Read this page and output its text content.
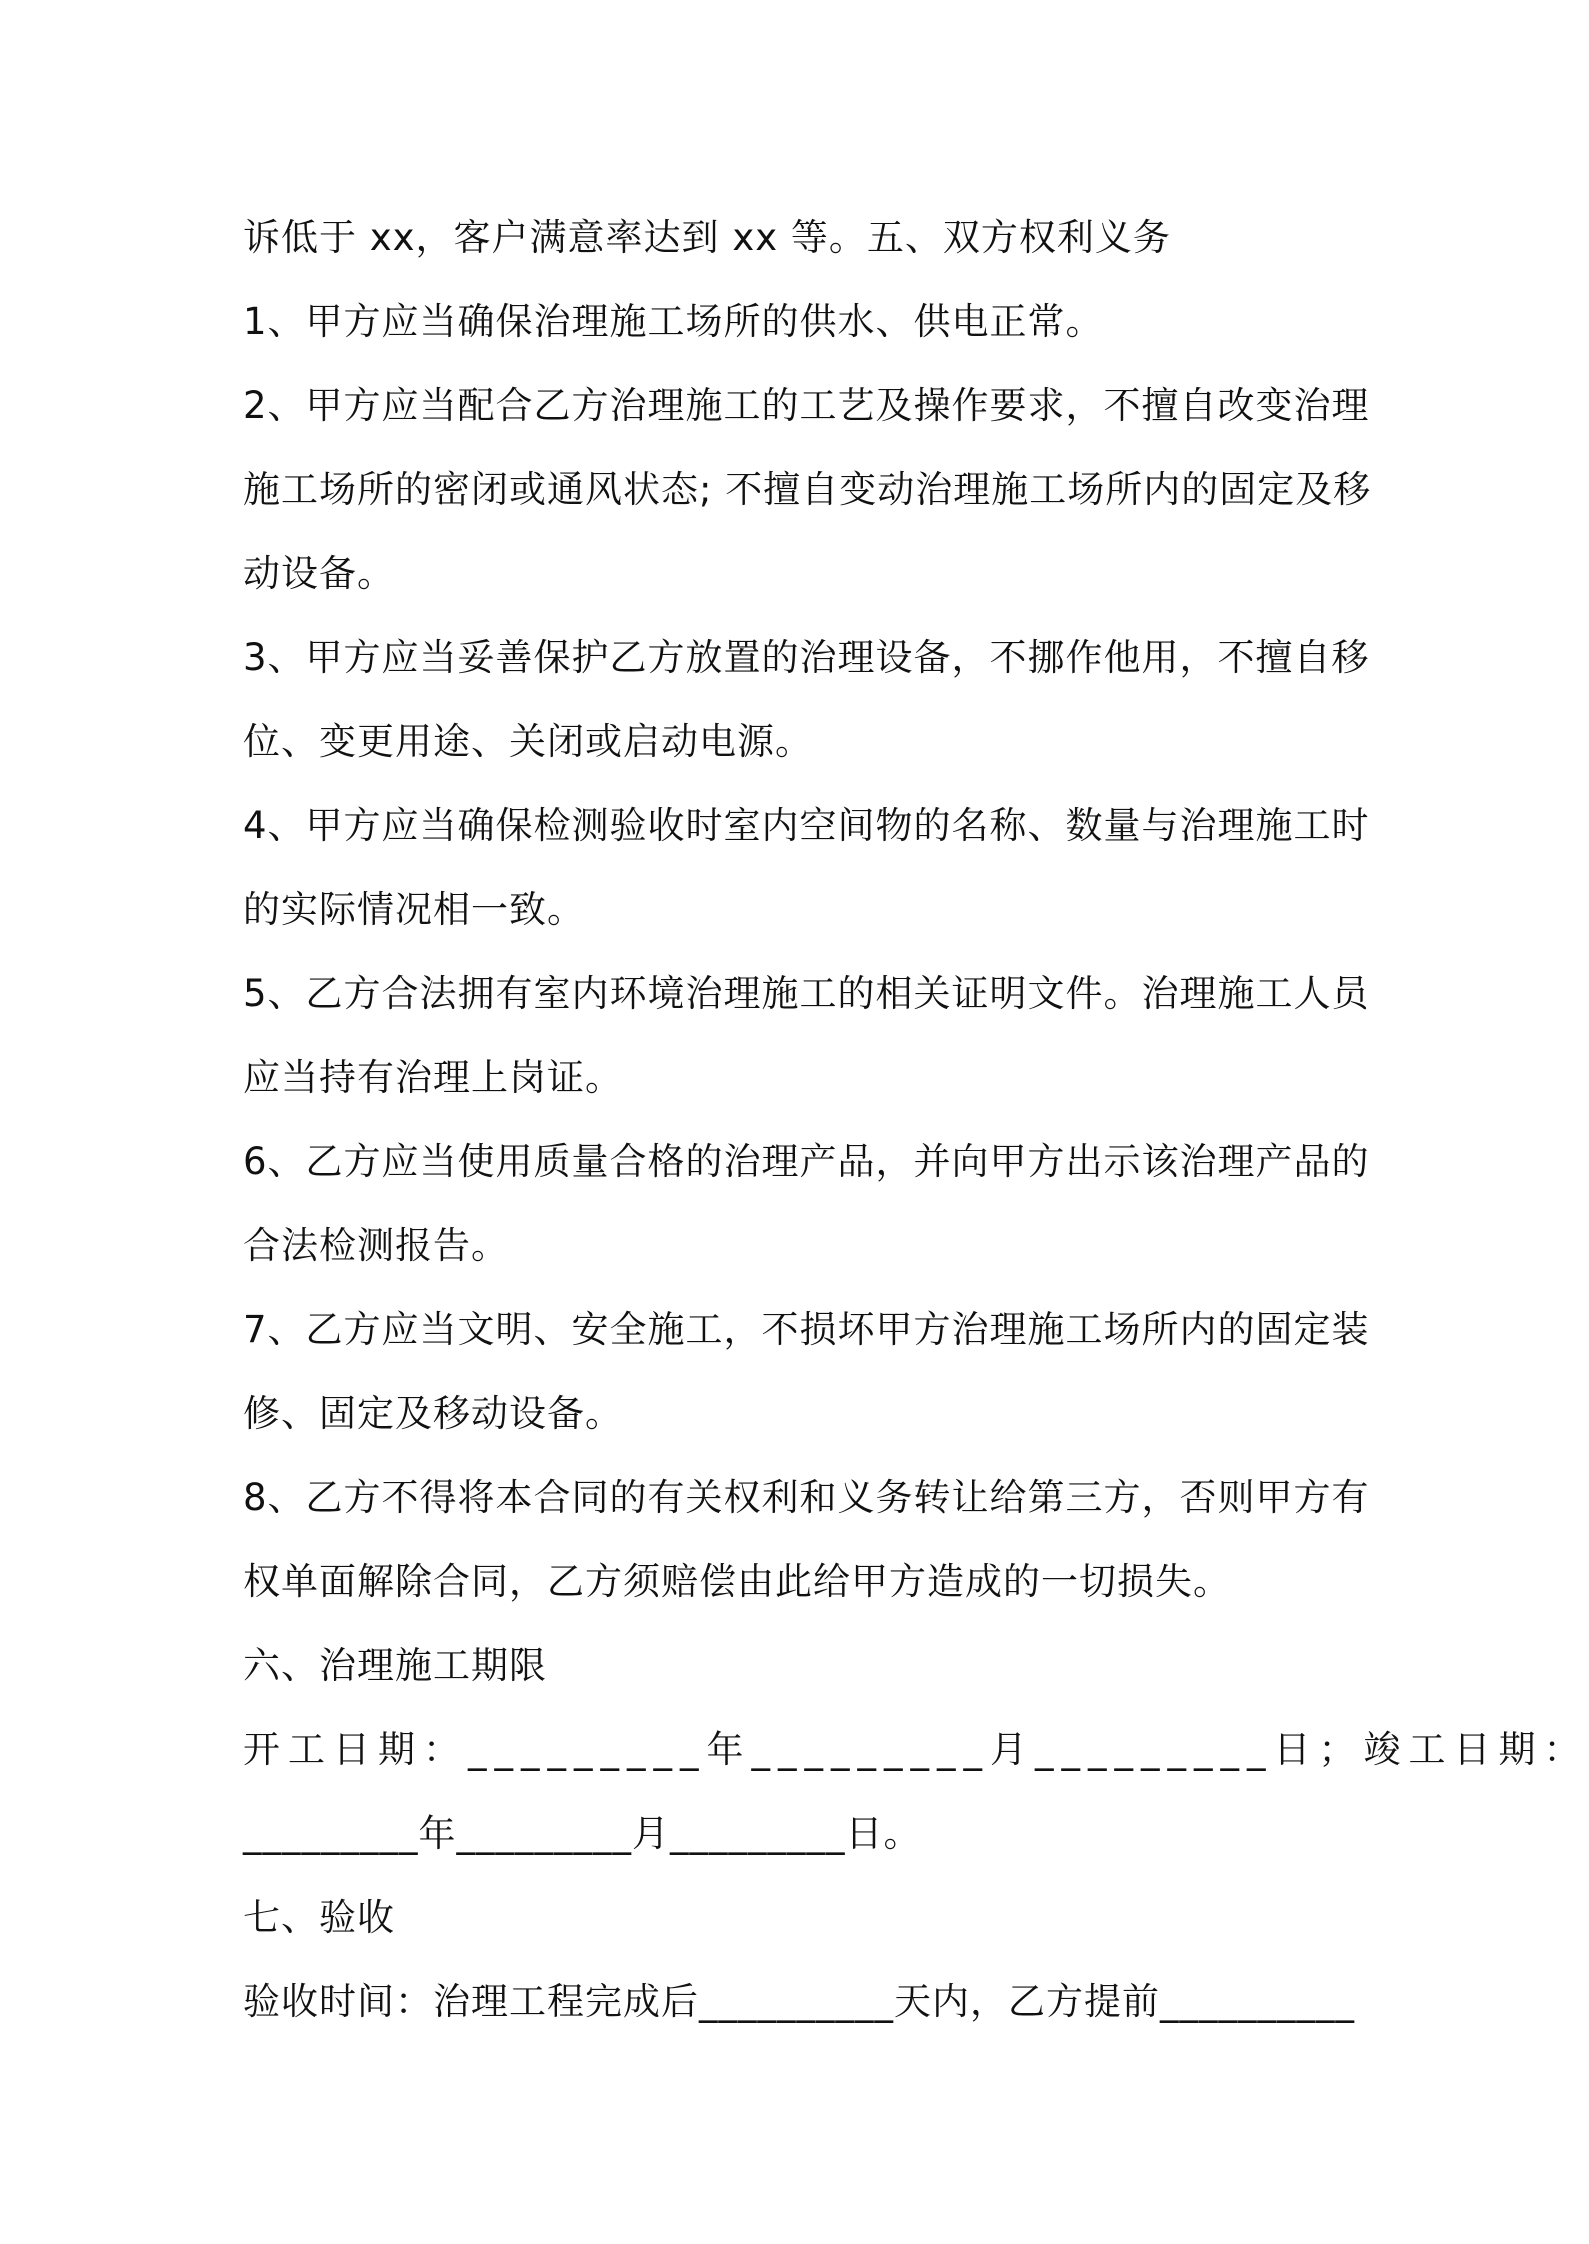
诉低于 xx，客户满意率达到 xx 等。五、双方权利义务
1、甲方应当确保治理施工场所的供水、供电正常。
2、甲方应当配合乙方治理施工的工艺及操作要求，不擅自改变治理
施工场所的密闭或通风状态; 不擅自变动治理施工场所内的固定及移
动设备。
3、甲方应当妥善保护乙方放置的治理设备，不挪作他用，不擅自移
位、变更用途、关闭或启动电源。
4、甲方应当确保检测验收时室内空间物的名称、数量与治理施工时
的实际情况相一致。
5、乙方合法拥有室内环境治理施工的相关证明文件。治理施工人员
应当持有治理上岗证。
6、乙方应当使用质量合格的治理产品，并向甲方出示该治理产品的
合法检测报告。
7、乙方应当文明、安全施工，不损坏甲方治理施工场所内的固定装
修、固定及移动设备。
8、乙方不得将本合同的有关权利和义务转让给第三方，否则甲方有
权单面解除合同，乙方须赔偿由此给甲方造成的一切损失。
六、治理施工期限
开工日期：_________年_________月_________日；竣工日期：
_________年_________月_________日。
七、验收
验收时间：治理工程完成后__________天内，乙方提前__________
